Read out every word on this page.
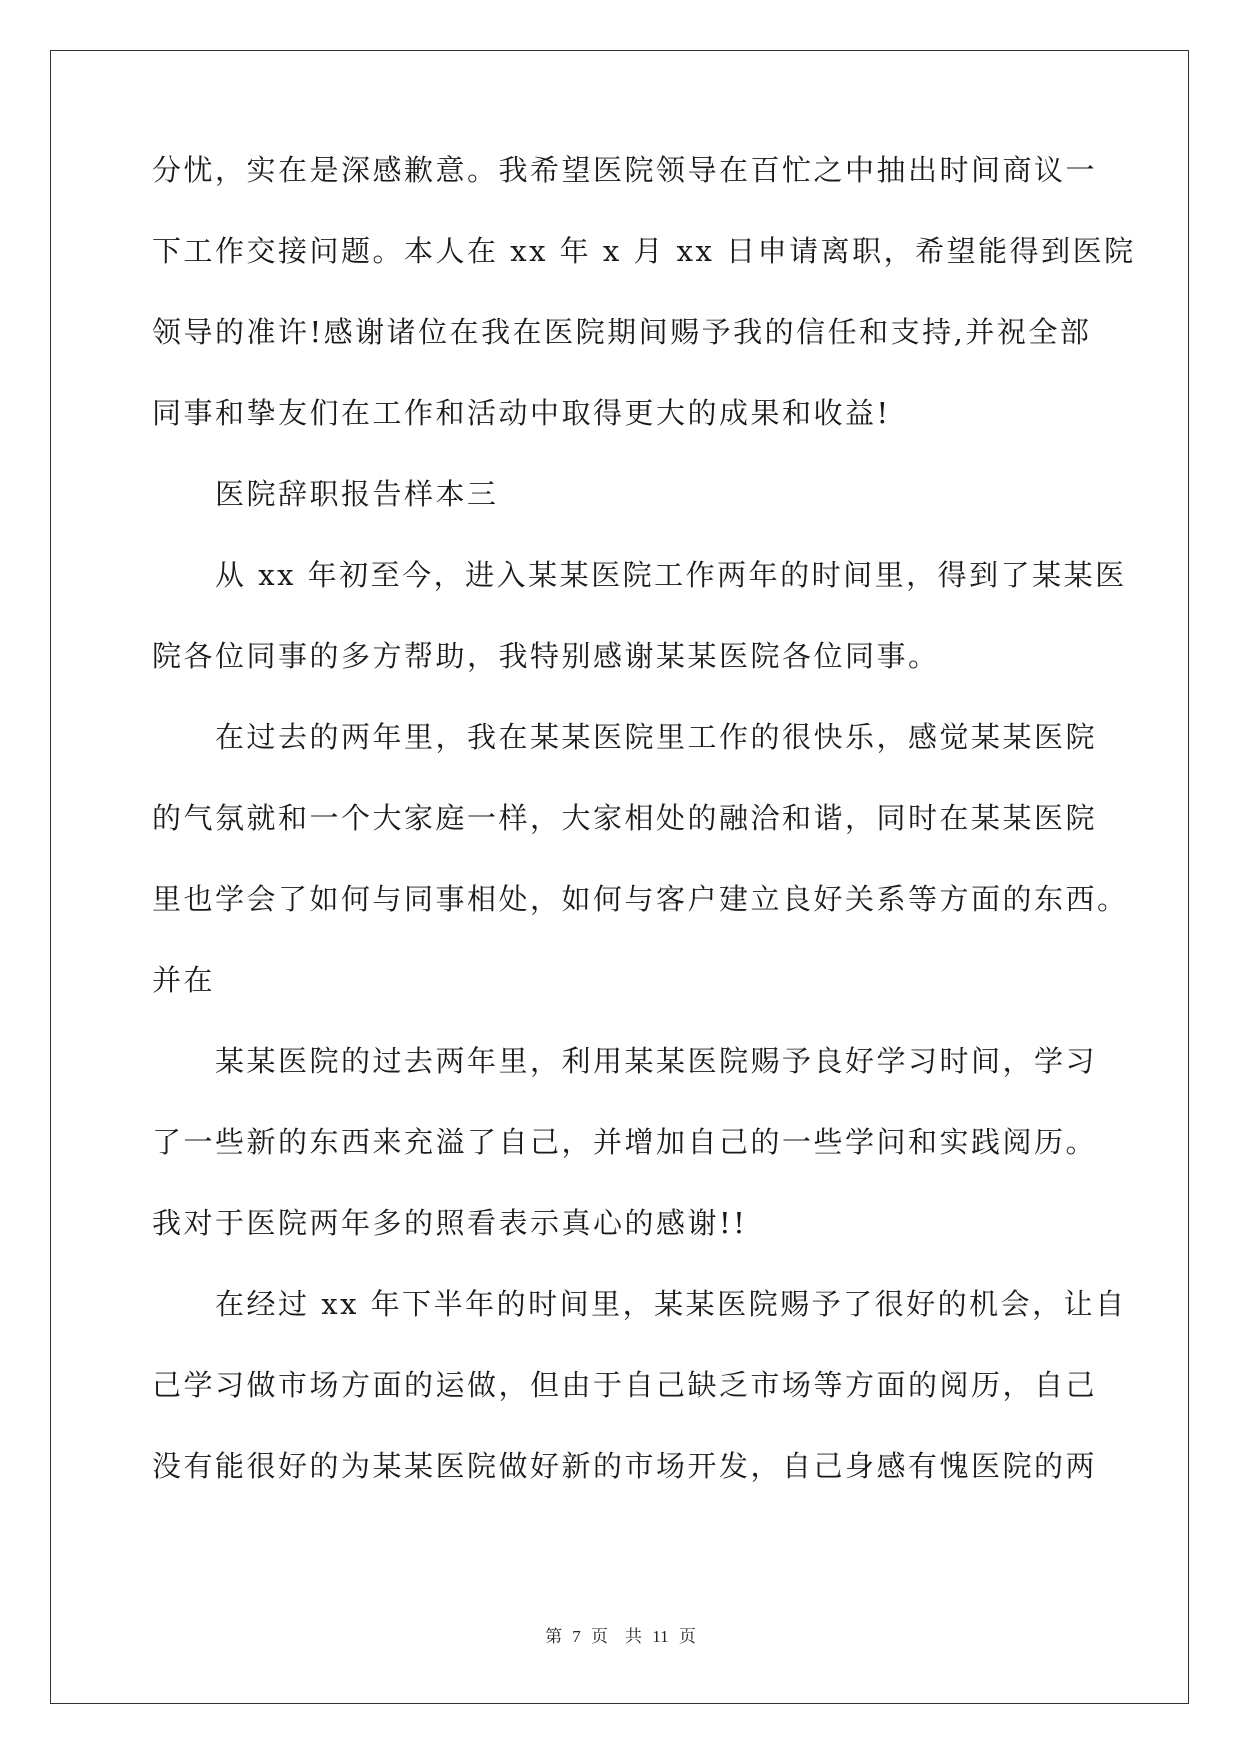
分忧，实在是深感歉意。我希望医院领导在百忙之中抽出时间商议一
下工作交接问题。本人在 xx 年 x 月 xx 日申请离职，希望能得到医院
领导的准许!感谢诸位在我在医院期间赐予我的信任和支持,并祝全部
同事和挚友们在工作和活动中取得更大的成果和收益!
医院辞职报告样本三
从 xx 年初至今，进入某某医院工作两年的时间里，得到了某某医
院各位同事的多方帮助，我特别感谢某某医院各位同事。
在过去的两年里，我在某某医院里工作的很快乐，感觉某某医院
的气氛就和一个大家庭一样，大家相处的融洽和谐，同时在某某医院
里也学会了如何与同事相处，如何与客户建立良好关系等方面的东西。
并在
某某医院的过去两年里，利用某某医院赐予良好学习时间，学习
了一些新的东西来充溢了自己，并增加自己的一些学问和实践阅历。
我对于医院两年多的照看表示真心的感谢!!
在经过 xx 年下半年的时间里，某某医院赐予了很好的机会，让自
己学习做市场方面的运做，但由于自己缺乏市场等方面的阅历，自己
没有能很好的为某某医院做好新的市场开发，自己身感有愧医院的两
第 7 页　共 11 页
